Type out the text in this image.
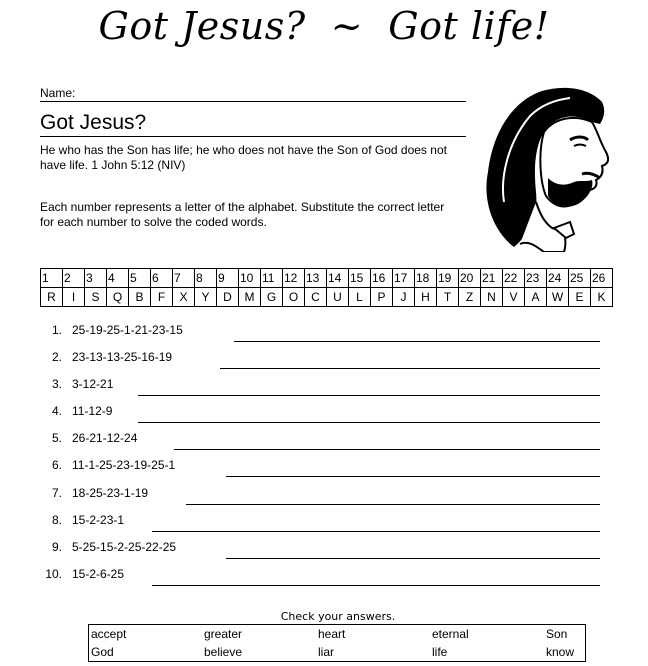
Got Jesus?  ~  Got life!
Name:
Got Jesus?
He who has the Son has life; he who does not have the Son of God does not have life. 1 John 5:12 (NIV)
Each number represents a letter of the alphabet. Substitute the correct letter for each number to solve the coded words.
1	2	3	4	5	6	7	8	9	10	11	12	13	14	15	16	17	18	19	20	21	22	23	24	25	26
R	I	S	Q	B	F	X	Y	D	M	G	O	C	U	L	P	J	H	T	Z	N	V	A	W	E	K
1. 25-19-25-1-21-23-15
2. 23-13-13-25-16-19
3. 3-12-21
4. 11-12-9
5. 26-21-12-24
6. 11-1-25-23-19-25-1
7. 18-25-23-1-19
8. 15-2-23-1
9. 5-25-15-2-25-22-25
10. 15-2-6-25
Check your answers.
accept	greater	heart	eternal	Son
God	believe	liar	life	know
